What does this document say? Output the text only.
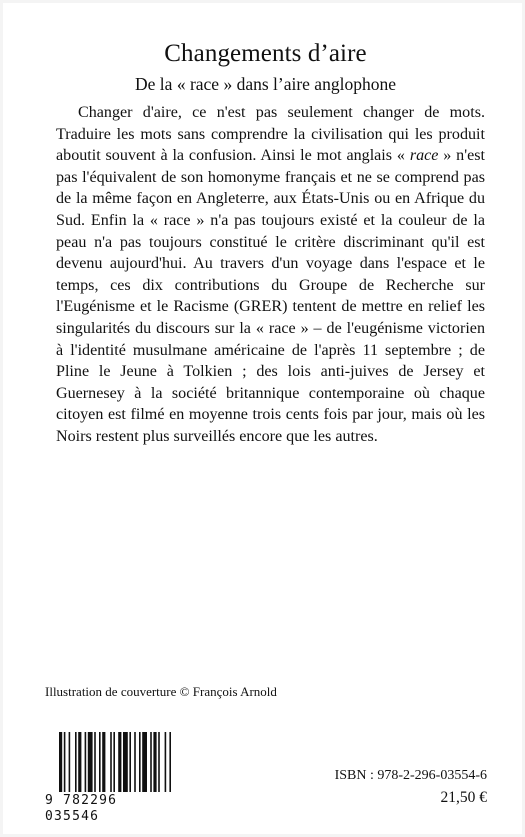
Changements d’aire
De la « race » dans l’aire anglophone

Changer d'aire, ce n'est pas seulement changer de mots. Traduire les mots sans comprendre la civilisation qui les produit aboutit souvent à la confusion. Ainsi le mot anglais « race » n'est pas l'équivalent de son homonyme français et ne se comprend pas de la même façon en Angleterre, aux États-Unis ou en Afrique du Sud. Enfin la « race » n'a pas toujours existé et la couleur de la peau n'a pas toujours constitué le critère discriminant qu'il est devenu aujourd'hui. Au travers d'un voyage dans l'espace et le temps, ces dix contributions du Groupe de Recherche sur l'Eugénisme et le Racisme (GRER) tentent de mettre en relief les singularités du discours sur la « race » – de l'eugénisme victorien à l'identité musulmane américaine de l'après 11 septembre ; de Pline le Jeune à Tolkien ; des lois anti-juives de Jersey et Guernesey à la société britannique contemporaine où chaque citoyen est filmé en moyenne trois cents fois par jour, mais où les Noirs restent plus surveillés encore que les autres.

Illustration de couverture © François Arnold
9 782296 035546
ISBN : 978-2-296-03554-6
21,50 €
